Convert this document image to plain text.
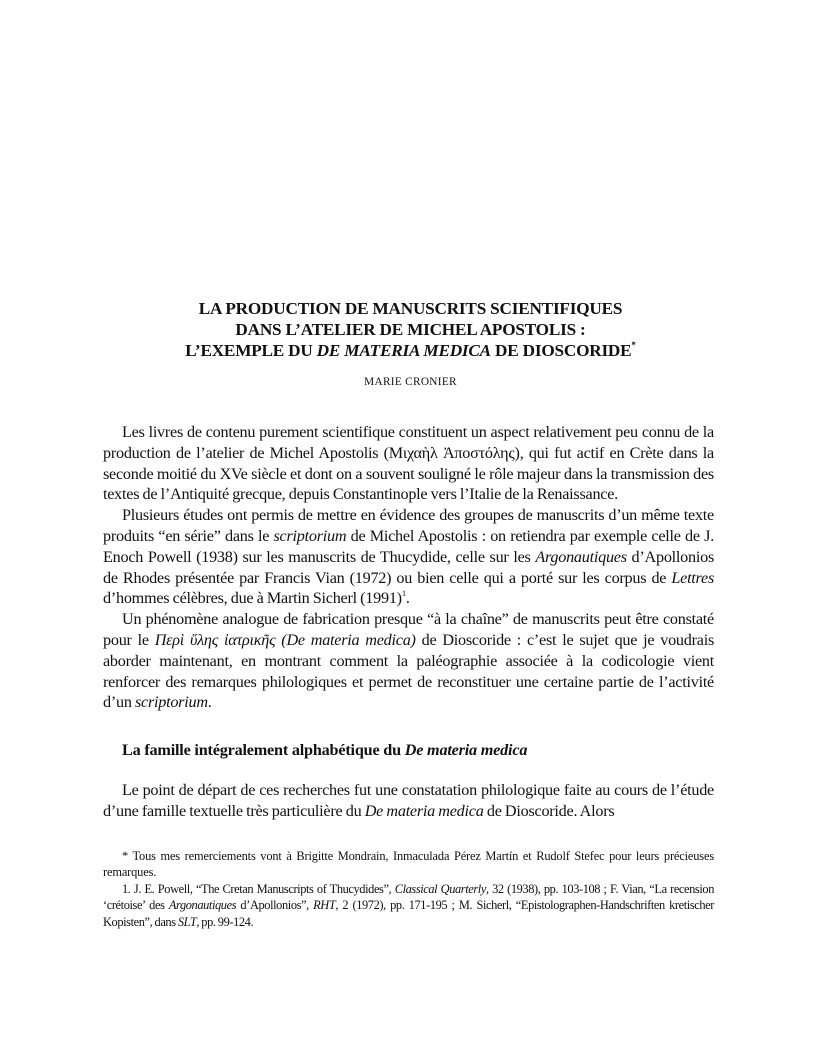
LA PRODUCTION DE MANUSCRITS SCIENTIFIQUES
DANS L’ATELIER DE MICHEL APOSTOLIS :
L’EXEMPLE DU DE MATERIA MEDICA DE DIOSCORIDE*
MARIE CRONIER

Les livres de contenu purement scientifique constituent un aspect relativement peu connu de la production de l’atelier de Michel Apostolis (Μιχαὴλ Ἀποστόλης), qui fut actif en Crète dans la seconde moitié du XVe siècle et dont on a souvent souligné le rôle majeur dans la transmission des textes de l’Antiquité grecque, depuis Constantinople vers l’Italie de la Renaissance.

Plusieurs études ont permis de mettre en évidence des groupes de manuscrits d’un même texte produits “en série” dans le scriptorium de Michel Apostolis : on retiendra par exemple celle de J. Enoch Powell (1938) sur les manuscrits de Thucydide, celle sur les Argonautiques d’Apollonios de Rhodes présentée par Francis Vian (1972) ou bien celle qui a porté sur les corpus de Lettres d’hommes célèbres, due à Martin Sicherl (1991)$^1$.

Un phénomène analogue de fabrication presque “à la chaîne” de manuscrits peut être constaté pour le Περὶ ὕλης ἰατρικῆς (De materia medica) de Dioscoride : c’est le sujet que je voudrais aborder maintenant, en montrant comment la paléographie associée à la codicologie vient renforcer des remarques philologiques et permet de reconstituer une certaine partie de l’activité d’un scriptorium.

La famille intégralement alphabétique du De materia medica

Le point de départ de ces recherches fut une constatation philologique faite au cours de l’étude d’une famille textuelle très particulière du De materia medica de Dioscoride. Alors

* Tous mes remerciements vont à Brigitte Mondrain, Inmaculada Pérez Martín et Rudolf Stefec pour leurs précieuses remarques.

1. J. E. Powell, “The Cretan Manuscripts of Thucydides”, Classical Quarterly, 32 (1938), pp. 103-108 ; F. Vian, “La recension ‘crétoise’ des Argonautiques d’Apollonios”, RHT, 2 (1972), pp. 171-195 ; M. Sicherl, “Epistolographen-Handschriften kretischer Kopisten”, dans SLT, pp. 99-124.
